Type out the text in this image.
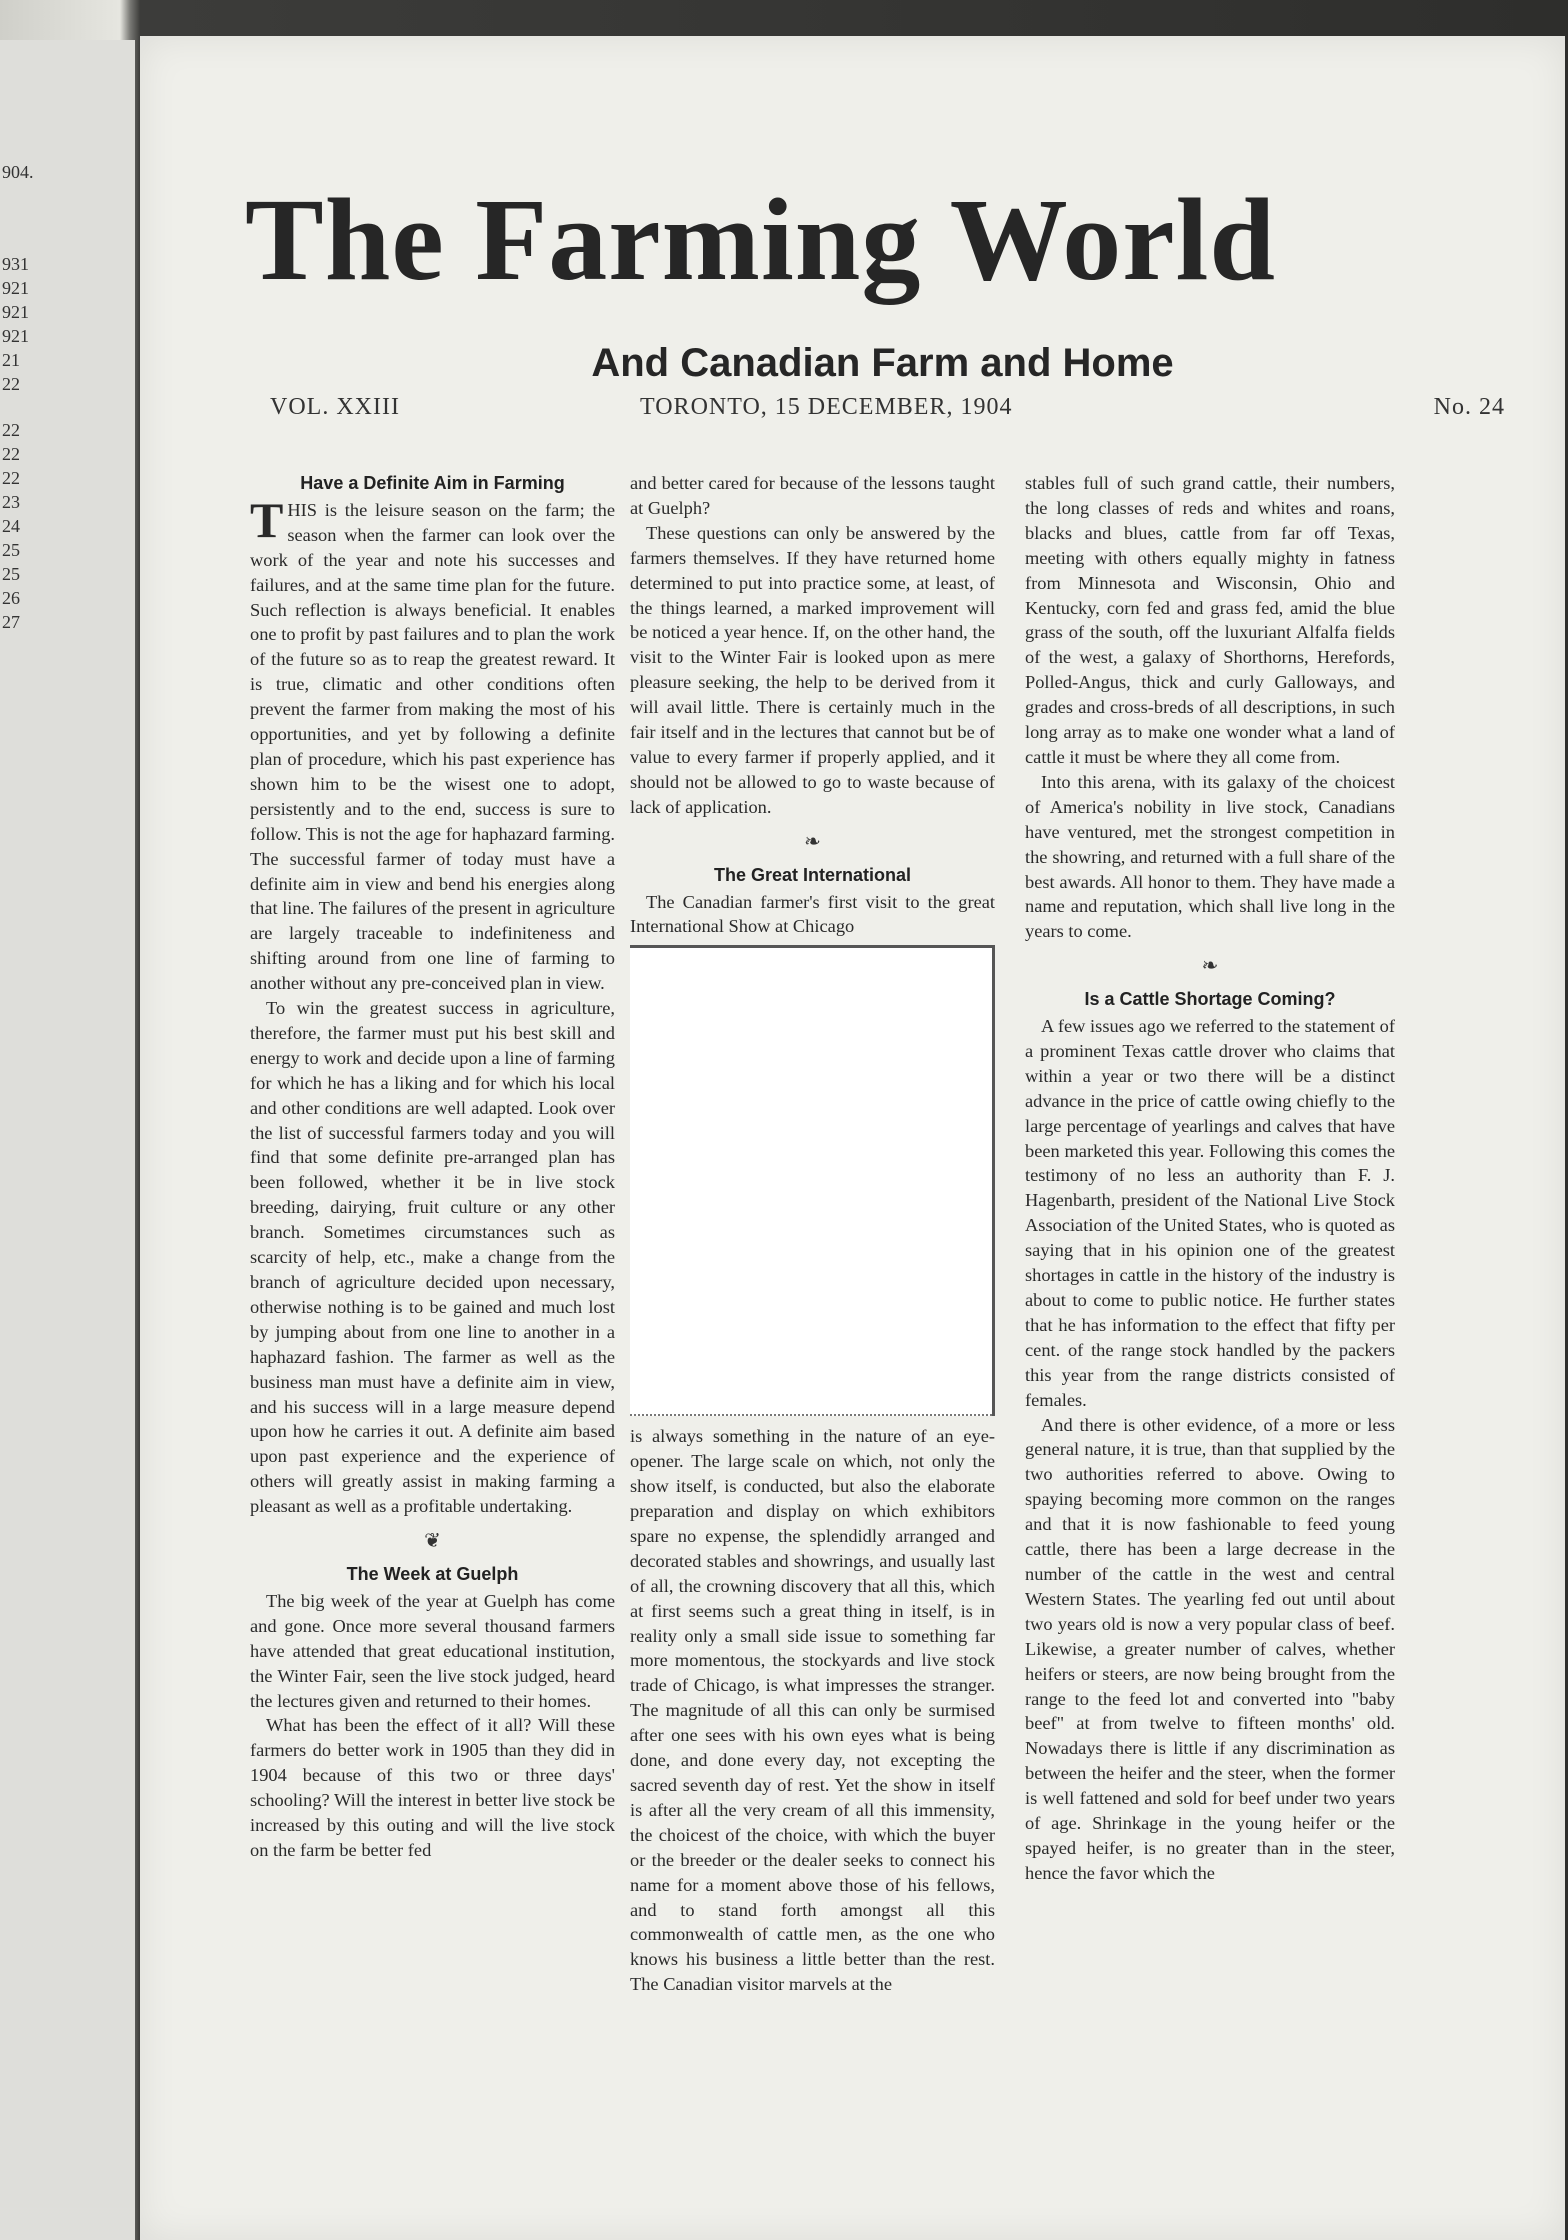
904.
931
921
921
921
21
22
22
22
22
23
24
25
25
26
27
The Farming World
And Canadian Farm and Home
VOL. XXIII	TORONTO, 15 DECEMBER, 1904	No. 24
Have a Definite Aim in Farming

THIS is the leisure season on the farm; the season when the farmer can look over the work of the year and note his successes and failures, and at the same time plan for the future. Such reflection is always beneficial. It enables one to profit by past failures and to plan the work of the future so as to reap the greatest reward. It is true, climatic and other conditions often prevent the farmer from making the most of his opportunities, and yet by following a definite plan of procedure, which his past experience has shown him to be the wisest one to adopt, persistently and to the end, success is sure to follow. This is not the age for haphazard farming. The successful farmer of today must have a definite aim in view and bend his energies along that line. The failures of the present in agriculture are largely traceable to indefiniteness and shifting around from one line of farming to another without any pre-conceived plan in view.

To win the greatest success in agriculture, therefore, the farmer must put his best skill and energy to work and decide upon a line of farming for which he has a liking and for which his local and other conditions are well adapted. Look over the list of successful farmers today and you will find that some definite pre-arranged plan has been followed, whether it be in live stock breeding, dairying, fruit culture or any other branch. Sometimes circumstances such as scarcity of help, etc., make a change from the branch of agriculture decided upon necessary, otherwise nothing is to be gained and much lost by jumping about from one line to another in a haphazard fashion. The farmer as well as the business man must have a definite aim in view, and his success will in a large measure depend upon how he carries it out. A definite aim based upon past experience and the experience of others will greatly assist in making farming a pleasant as well as a profitable undertaking.

❦
The Week at Guelph

The big week of the year at Guelph has come and gone. Once more several thousand farmers have attended that great educational institution, the Winter Fair, seen the live stock judged, heard the lectures given and returned to their homes.

What has been the effect of it all? Will these farmers do better work in 1905 than they did in 1904 because of this two or three days' schooling? Will the interest in better live stock be increased by this outing and will the live stock on the farm be better fed

and better cared for because of the lessons taught at Guelph?

These questions can only be answered by the farmers themselves. If they have returned home determined to put into practice some, at least, of the things learned, a marked improvement will be noticed a year hence. If, on the other hand, the visit to the Winter Fair is looked upon as mere pleasure seeking, the help to be derived from it will avail little. There is certainly much in the fair itself and in the lectures that cannot but be of value to every farmer if properly applied, and it should not be allowed to go to waste because of lack of application.

❧
The Great International

The Canadian farmer's first visit to the great International Show at Chicago

is always something in the nature of an eye-opener. The large scale on which, not only the show itself, is conducted, but also the elaborate preparation and display on which exhibitors spare no expense, the splendidly arranged and decorated stables and showrings, and usually last of all, the crowning discovery that all this, which at first seems such a great thing in itself, is in reality only a small side issue to something far more momentous, the stockyards and live stock trade of Chicago, is what impresses the stranger. The magnitude of all this can only be surmised after one sees with his own eyes what is being done, and done every day, not excepting the sacred seventh day of rest. Yet the show in itself is after all the very cream of all this immensity, the choicest of the choice, with which the buyer or the breeder or the dealer seeks to connect his name for a moment above those of his fellows, and to stand forth amongst all this commonwealth of cattle men, as the one who knows his business a little better than the rest. The Canadian visitor marvels at the

stables full of such grand cattle, their numbers, the long classes of reds and whites and roans, blacks and blues, cattle from far off Texas, meeting with others equally mighty in fatness from Minnesota and Wisconsin, Ohio and Kentucky, corn fed and grass fed, amid the blue grass of the south, off the luxuriant Alfalfa fields of the west, a galaxy of Shorthorns, Herefords, Polled-Angus, thick and curly Galloways, and grades and cross-breds of all descriptions, in such long array as to make one wonder what a land of cattle it must be where they all come from.

Into this arena, with its galaxy of the choicest of America's nobility in live stock, Canadians have ventured, met the strongest competition in the showring, and returned with a full share of the best awards. All honor to them. They have made a name and reputation, which shall live long in the years to come.

❧
Is a Cattle Shortage Coming?

A few issues ago we referred to the statement of a prominent Texas cattle drover who claims that within a year or two there will be a distinct advance in the price of cattle owing chiefly to the large percentage of yearlings and calves that have been marketed this year. Following this comes the testimony of no less an authority than F. J. Hagenbarth, president of the National Live Stock Association of the United States, who is quoted as saying that in his opinion one of the greatest shortages in cattle in the history of the industry is about to come to public notice. He further states that he has information to the effect that fifty per cent. of the range stock handled by the packers this year from the range districts consisted of females.

And there is other evidence, of a more or less general nature, it is true, than that supplied by the two authorities referred to above. Owing to spaying becoming more common on the ranges and that it is now fashionable to feed young cattle, there has been a large decrease in the number of the cattle in the west and central Western States. The yearling fed out until about two years old is now a very popular class of beef. Likewise, a greater number of calves, whether heifers or steers, are now being brought from the range to the feed lot and converted into "baby beef" at from twelve to fifteen months' old. Nowadays there is little if any discrimination as between the heifer and the steer, when the former is well fattened and sold for beef under two years of age. Shrinkage in the young heifer or the spayed heifer, is no greater than in the steer, hence the favor which the
